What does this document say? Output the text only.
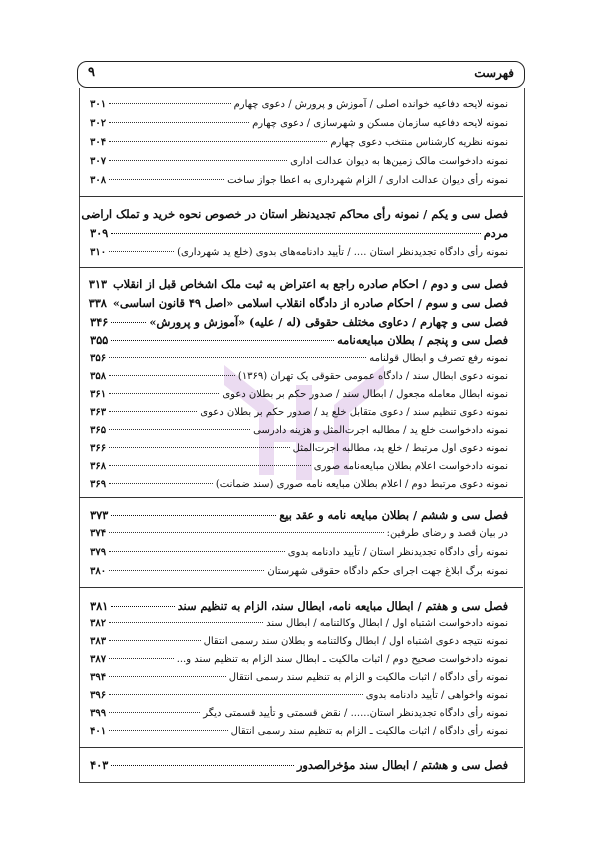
فهرست
۹
نمونه لایحه دفاعیه خوانده اصلی / آموزش و پرورش / دعوی چهارم
۳۰۱
نمونه لایحه دفاعیه سازمان مسکن و شهرسازی / دعوی چهارم
۳۰۲
نمونه نظریه کارشناس منتخب دعوی چهارم
۳۰۴
نمونه دادخواست مالک زمین‌ها به دیوان عدالت اداری
۳۰۷
نمونه رأی دیوان عدالت اداری / الزام شهرداری به اعطا جواز ساخت
۳۰۸
فصل سی و یکم / نمونه رأی محاکم تجدیدنظر استان در خصوص نحوه خرید و تملک اراضی
مردم
۳۰۹
نمونه رأی دادگاه تجدیدنظر استان .... / تأیید دادنامه‌های بدوی (خلع ید شهرداری)
۳۱۰
فصل سی و دوم / احکام صادره راجع به اعتراض به ثبت ملک اشخاص قبل از انقلاب
۳۱۳
فصل سی و سوم / احکام صادره از دادگاه انقلاب اسلامی «اصل ۴۹ قانون اساسی»
۳۳۸
فصل سی و چهارم / دعاوی مختلف حقوقی (له / علیه) «آموزش و پرورش»
۳۴۶
فصل سی و پنجم / بطلان مبایعه‌نامه
۳۵۵
نمونه رفع تصرف و ابطال قولنامه
۳۵۶
نمونه دعوی ابطال سند / دادگاه عمومی حقوقی یک تهران (۱۳۶۹)
۳۵۸
نمونه ابطال معامله مجعول / ابطال سند / صدور حکم بر بطلان دعوی
۳۶۱
نمونه دعوی تنظیم سند / دعوی متقابل خلع ید / صدور حکم بر بطلان دعوی
۳۶۳
نمونه دادخواست خلع ید / مطالبه اجرت‌المثل و هزینه دادرسی
۳۶۵
نمونه دعوی اول مرتبط / خلع ید، مطالبه اجرت‌المثل
۳۶۶
نمونه دادخواست اعلام بطلان مبایعه‌نامه صوری
۳۶۸
نمونه دعوی مرتبط دوم / اعلام بطلان مبایعه نامه صوری (سند ضمانت)
۳۶۹
فصل سی و ششم / بطلان مبایعه نامه و عقد بیع
۳۷۳
در بیان قصد و رضای طرفین:
۳۷۴
نمونه رأی دادگاه تجدیدنظر استان / تأیید دادنامه بدوی
۳۷۹
نمونه برگ ابلاغ جهت اجرای حکم دادگاه حقوقی شهرستان
۳۸۰
فصل سی و هفتم / ابطال مبایعه نامه، ابطال سند، الزام به تنظیم سند
۳۸۱
نمونه دادخواست اشتباه اول / ابطال وکالتنامه / ابطال سند
۳۸۲
نمونه نتیجه دعوی اشتباه اول / ابطال وکالتنامه و بطلان سند رسمی انتقال
۳۸۳
نمونه دادخواست صحیح دوم / اثبات مالکیت ـ ابطال سند الزام به تنظیم سند و...
۳۸۷
نمونه رأی دادگاه / اثبات مالکیت و الزام به تنظیم سند رسمی انتقال
۳۹۴
نمونه واخواهی / تأیید دادنامه بدوی
۳۹۶
نمونه رأی دادگاه تجدیدنظر استان...... / نقض قسمتی و تأیید قسمتی دیگر
۳۹۹
نمونه رأی دادگاه / اثبات مالکیت ـ الزام به تنظیم سند رسمی انتقال
۴۰۱
فصل سی و هشتم / ابطال سند مؤخرالصدور
۴۰۳
